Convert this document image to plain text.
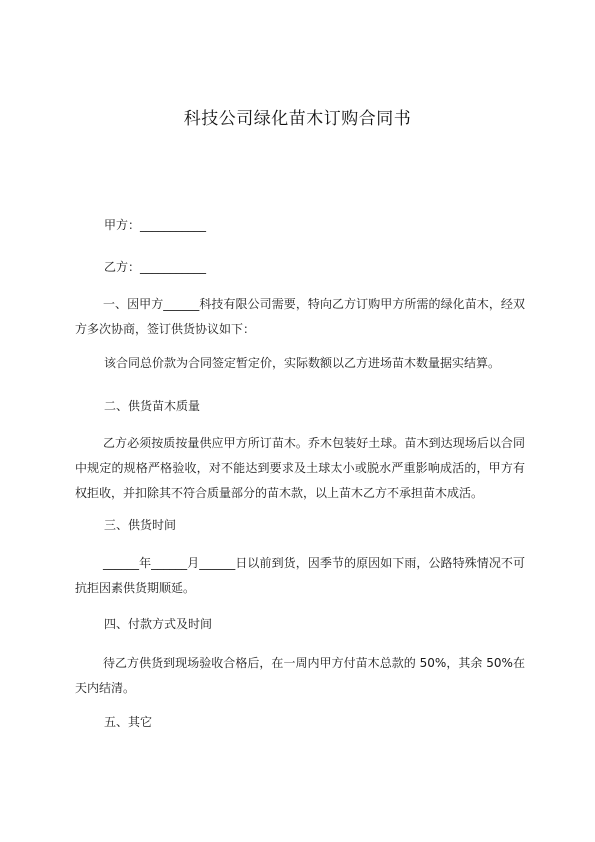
科技公司绿化苗木订购合同书
甲方：___________
乙方：___________
一、因甲方______科技有限公司需要，特向乙方订购甲方所需的绿化苗木，经双
方多次协商，签订供货协议如下：
该合同总价款为合同签定暂定价，实际数额以乙方进场苗木数量据实结算。
二、供货苗木质量
乙方必须按质按量供应甲方所订苗木。乔木包装好土球。苗木到达现场后以合同
中规定的规格严格验收，对不能达到要求及土球太小或脱水严重影响成活的，甲方有
权拒收，并扣除其不符合质量部分的苗木款，以上苗木乙方不承担苗木成活。
三、供货时间
______年______月______日以前到货，因季节的原因如下雨，公路特殊情况不可
抗拒因素供货期顺延。
四、付款方式及时间
待乙方供货到现场验收合格后，在一周内甲方付苗木总款的 50%，其余 50%在
天内结清。
五、其它
